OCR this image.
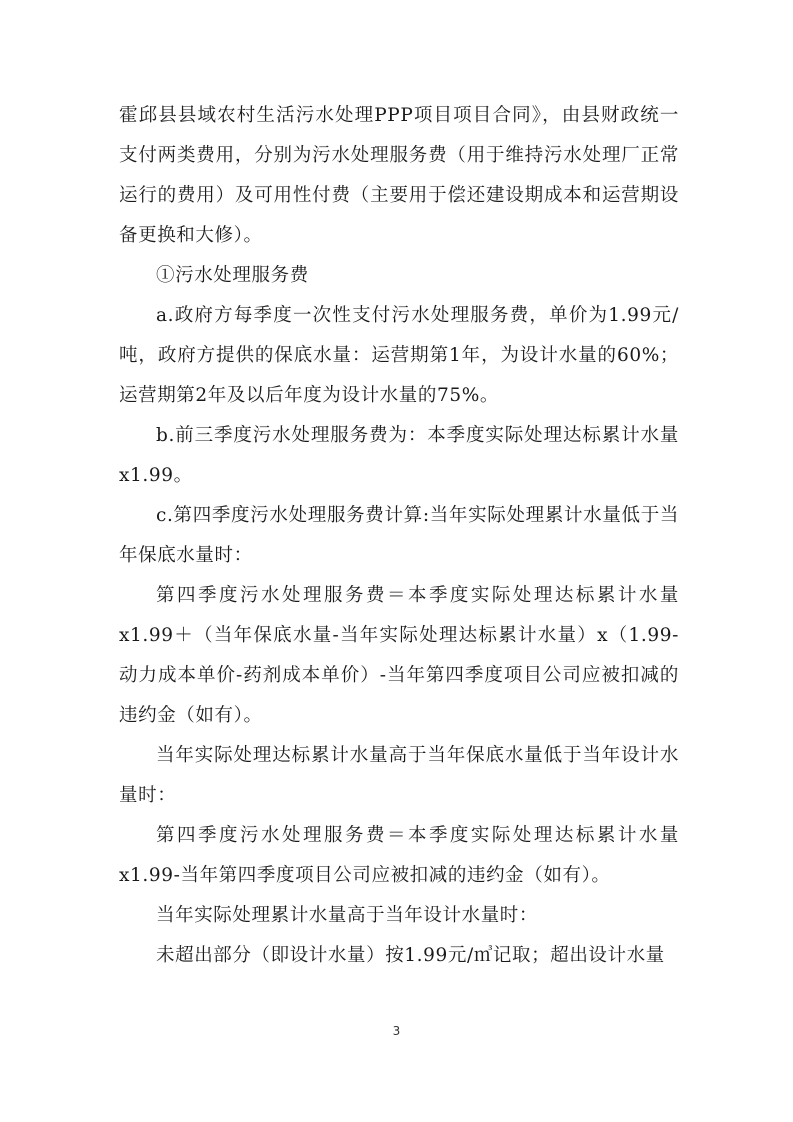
霍邱县县域农村生活污水处理PPP项目项目合同》，由县财政统一支付两类费用，分别为污水处理服务费（用于维持污水处理厂正常运行的费用）及可用性付费（主要用于偿还建设期成本和运营期设备更换和大修）。

①污水处理服务费

a.政府方每季度一次性支付污水处理服务费，单价为1.99元/吨，政府方提供的保底水量：运营期第1年，为设计水量的60%；运营期第2年及以后年度为设计水量的75%。

b.前三季度污水处理服务费为：本季度实际处理达标累计水量x1.99。

c.第四季度污水处理服务费计算:当年实际处理累计水量低于当年保底水量时：

第四季度污水处理服务费＝本季度实际处理达标累计水量x1.99＋（当年保底水量-当年实际处理达标累计水量）x（1.99-动力成本单价-药剂成本单价）-当年第四季度项目公司应被扣减的违约金（如有）。

当年实际处理达标累计水量高于当年保底水量低于当年设计水量时：

第四季度污水处理服务费＝本季度实际处理达标累计水量x1.99-当年第四季度项目公司应被扣减的违约金（如有）。

当年实际处理累计水量高于当年设计水量时：

未超出部分（即设计水量）按1.99元/㎥记取；超出设计水量

3
